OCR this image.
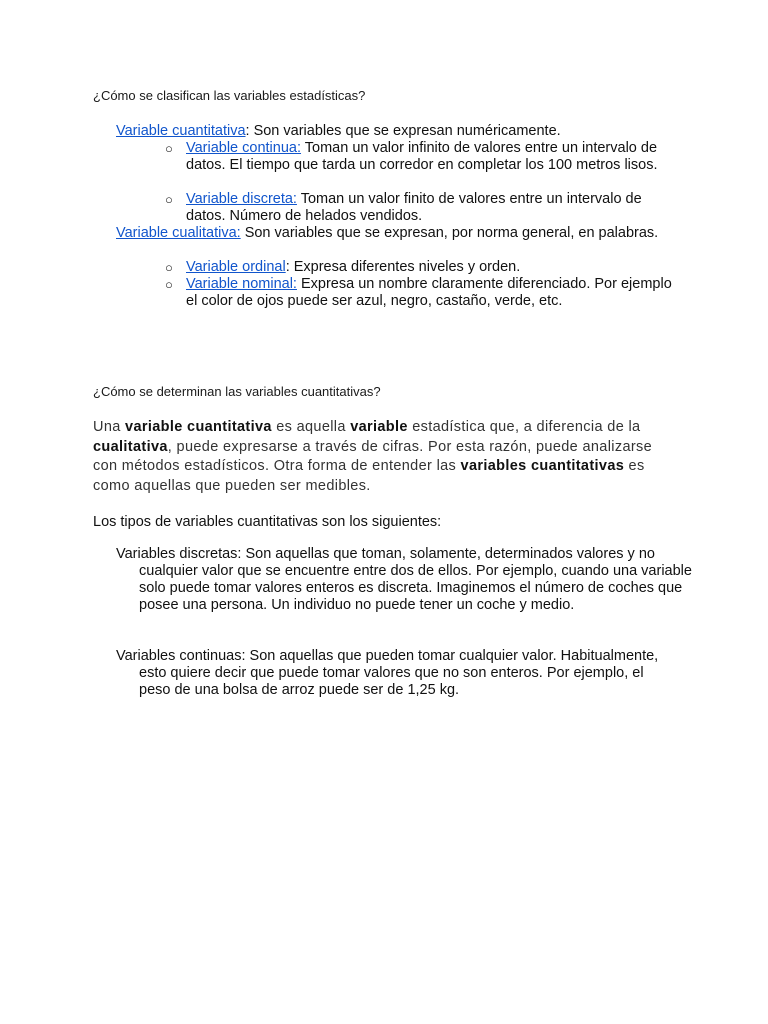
¿Cómo se clasifican las variables estadísticas?

Variable cuantitativa: Son variables que se expresan numéricamente.

○ Variable continua: Toman un valor infinito de valores entre un intervalo de datos. El tiempo que tarda un corredor en completar los 100 metros lisos.
○ Variable discreta: Toman un valor finito de valores entre un intervalo de datos. Número de helados vendidos.

Variable cualitativa: Son variables que se expresan, por norma general, en palabras.

○ Variable ordinal: Expresa diferentes niveles y orden.
○ Variable nominal: Expresa un nombre claramente diferenciado. Por ejemplo el color de ojos puede ser azul, negro, castaño, verde, etc.

¿Cómo se determinan las variables cuantitativas?

Una variable cuantitativa es aquella variable estadística que, a diferencia de la cualitativa, puede expresarse a través de cifras. Por esta razón, puede analizarse con métodos estadísticos. Otra forma de entender las variables cuantitativas es como aquellas que pueden ser medibles.

Los tipos de variables cuantitativas son los siguientes:

Variables discretas: Son aquellas que toman, solamente, determinados valores y no cualquier valor que se encuentre entre dos de ellos. Por ejemplo, cuando una variable solo puede tomar valores enteros es discreta. Imaginemos el número de coches que posee una persona. Un individuo no puede tener un coche y medio.

Variables continuas: Son aquellas que pueden tomar cualquier valor. Habitualmente, esto quiere decir que puede tomar valores que no son enteros. Por ejemplo, el peso de una bolsa de arroz puede ser de 1,25 kg.
